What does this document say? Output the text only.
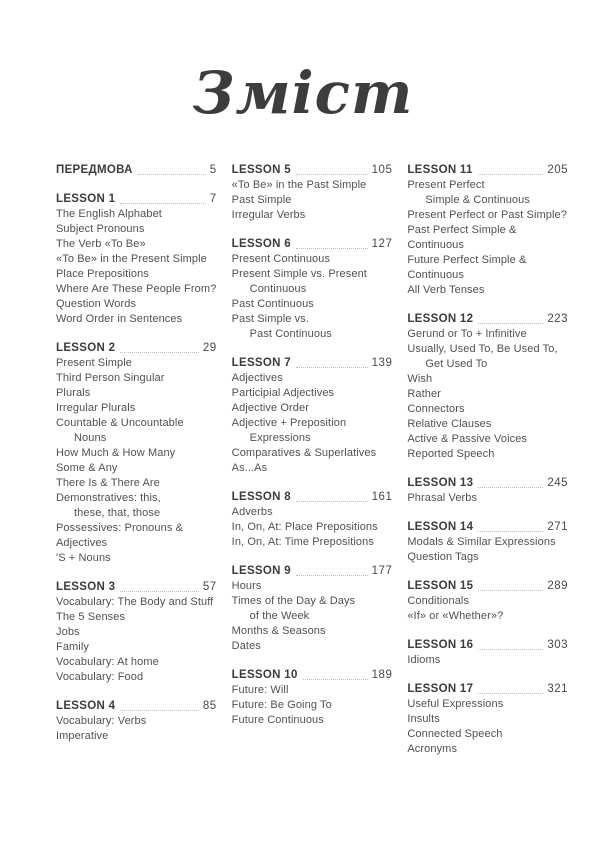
Зміст
ПЕРЕДМОВА	5
LESSON 1	7
The English Alphabet
Subject Pronouns
The Verb «To Be»
«To Be» in the Present Simple
Place Prepositions
Where Are These People From?
Question Words
Word Order in Sentences
LESSON 2	29
Present Simple
Third Person Singular
Plurals
Irregular Plurals
Countable & Uncountable
Nouns
How Much & How Many
Some & Any
There Is & There Are
Demonstratives: this,
these, that, those
Possessives: Pronouns & Adjectives
'S + Nouns
LESSON 3	57
Vocabulary: The Body and Stuff
The 5 Senses
Jobs
Family
Vocabulary: At home
Vocabulary: Food
LESSON 4	85
Vocabulary: Verbs
Imperative
LESSON 5	105
«To Be» in the Past Simple
Past Simple
Irregular Verbs
LESSON 6	127
Present Continuous
Present Simple vs. Present
Continuous
Past Continuous
Past Simple vs.
Past Continuous
LESSON 7	139
Adjectives
Participial Adjectives
Adjective Order
Adjective + Preposition
Expressions
Comparatives & Superlatives
As...As
LESSON 8	161
Adverbs
In, On, At: Place Prepositions
In, On, At: Time Prepositions
LESSON 9	177
Hours
Times of the Day & Days
of the Week
Months & Seasons
Dates
LESSON 10	189
Future: Will
Future: Be Going To
Future Continuous
LESSON 11	205
Present Perfect
Simple & Continuous
Present Perfect or Past Simple?
Past Perfect Simple & Continuous
Future Perfect Simple & Continuous
All Verb Tenses
LESSON 12	223
Gerund or To + Infinitive
Usually, Used To, Be Used To,
Get Used To
Wish
Rather
Connectors
Relative Clauses
Active & Passive Voices
Reported Speech
LESSON 13	245
Phrasal Verbs
LESSON 14	271
Modals & Similar Expressions
Question Tags
LESSON 15	289
Conditionals
«If» or «Whether»?
LESSON 16	303
Idioms
LESSON 17	321
Useful Expressions
Insults
Connected Speech
Acronyms
